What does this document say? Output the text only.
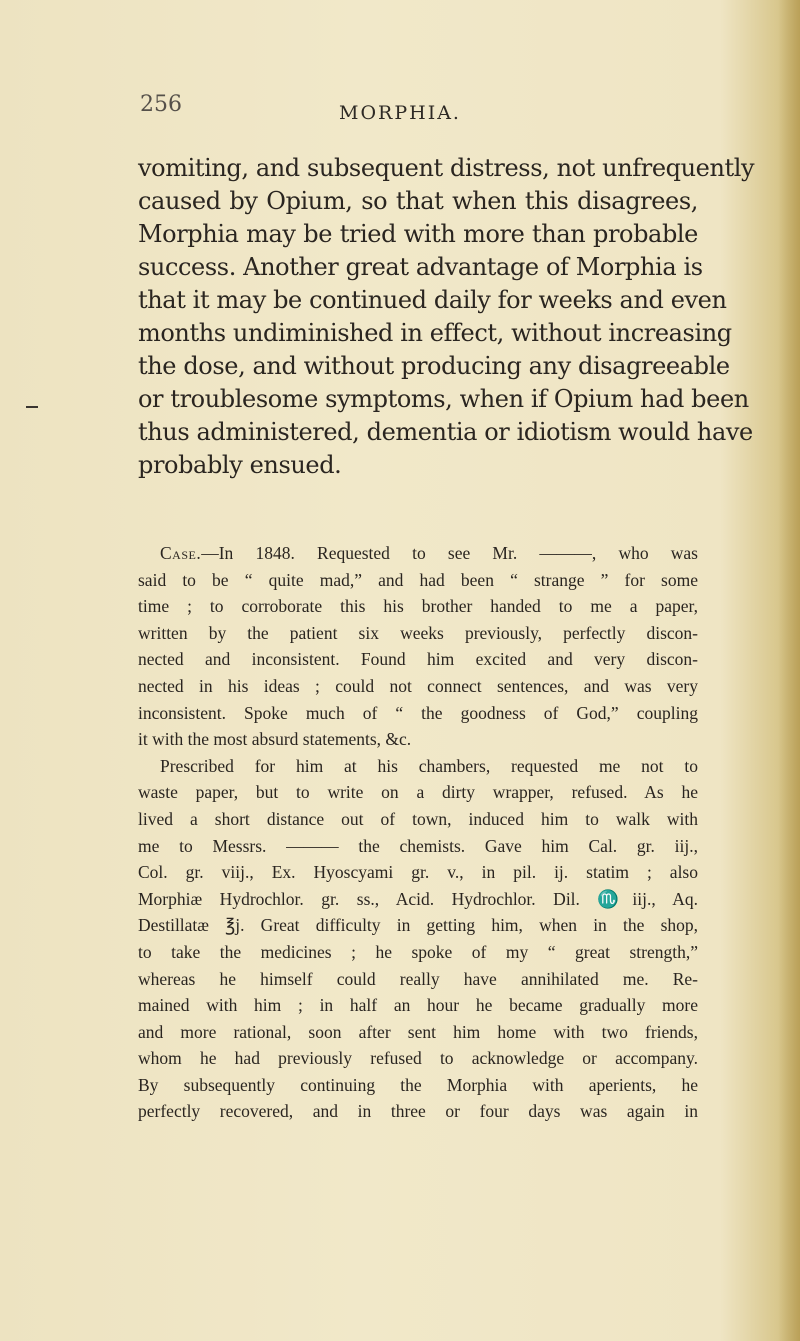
256	MORPHIA.
vomiting, and subsequent distress, not unfrequently
caused by Opium, so that when this disagrees,
Morphia may be tried with more than probable
success. Another great advantage of Morphia is
that it may be continued daily for weeks and even
months undiminished in effect, without increasing
the dose, and without producing any disagreeable
or troublesome symptoms, when if Opium had been
thus administered, dementia or idiotism would have
probably ensued.
Case.—In 1848. Requested to see Mr. ———, who was
said to be “ quite mad,” and had been “ strange ” for some
time ; to corroborate this his brother handed to me a paper,
written by the patient six weeks previously, perfectly discon-
nected and inconsistent. Found him excited and very discon-
nected in his ideas ; could not connect sentences, and was very
inconsistent. Spoke much of “ the goodness of God,” coupling
it with the most absurd statements, &c.
Prescribed for him at his chambers, requested me not to
waste paper, but to write on a dirty wrapper, refused. As he
lived a short distance out of town, induced him to walk with
me to Messrs. ——— the chemists. Gave him Cal. gr. iij.,
Col. gr. viij., Ex. Hyoscyami gr. v., in pil. ij. statim ; also
Morphiæ Hydrochlor. gr. ss., Acid. Hydrochlor. Dil. ♏iij., Aq.
Destillatæ ℥j. Great difficulty in getting him, when in the shop,
to take the medicines ; he spoke of my “ great strength,”
whereas he himself could really have annihilated me. Re-
mained with him ; in half an hour he became gradually more
and more rational, soon after sent him home with two friends,
whom he had previously refused to acknowledge or accompany.
By subsequently continuing the Morphia with aperients, he
perfectly recovered, and in three or four days was again in
